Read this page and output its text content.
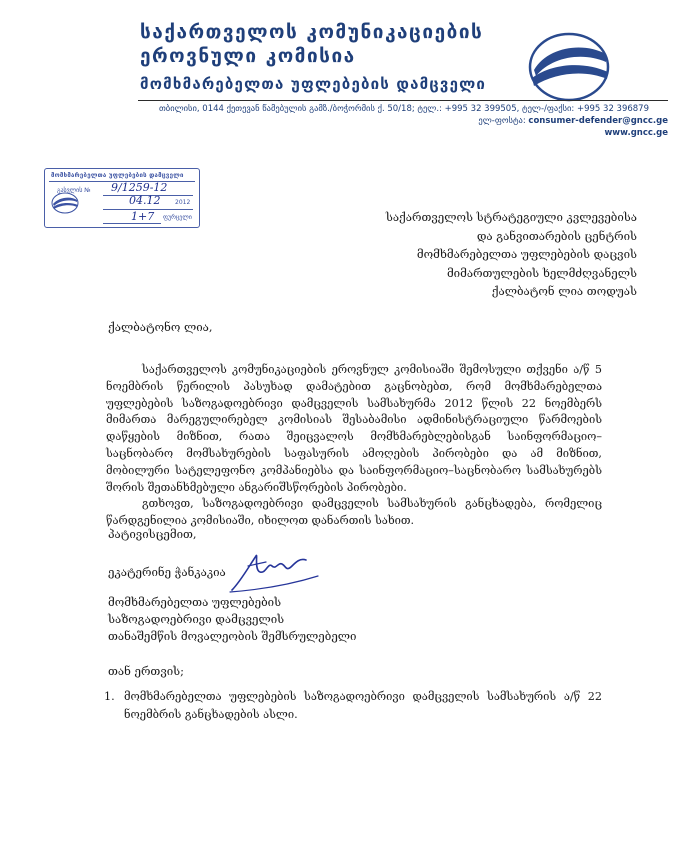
საქართველოს კომუნიკაციების
ეროვნული კომისია
მომხმარებელთა უფლებების დამცველი
თბილისი, 0144 ქეთევან წამებულის გამზ./ბოჭორმის ქ. 50/18; ტელ.: +995 32 399505, ტელ-/ფაქსი: +995 32 396879
ელ-ფოსტა: consumer-defender@gncc.ge
www.gncc.ge
მომხმარებელთა უფლებების დამცველი
გასვლის № 9/1259-12
04.12 2012
1+7 ფურცელი	საქართველოს სტრატეგიული კვლევებისა
და განვითარების ცენტრის
მომხმარებელთა უფლებების დაცვის
მიმართულების ხელმძღვანელს
ქალბატონ ლია თოდუას
ქალბატონო ლია,

საქართველოს კომუნიკაციების ეროვნულ კომისიაში შემოსული თქვენი ა/წ 5 ნოემბრის წერილის პასუხად დამატებით გაცნობებთ, რომ მომხმარებელთა უფლებების საზოგადოებრივი დამცველის სამსახურმა 2012 წლის 22 ნოემბერს მიმართა მარეგულირებელ კომისიას შესაბამისი ადმინისტრაციული წარმოების დაწყების მიზნით, რათა შეიცვალოს მომხმარებლებისგან საინფორმაციო–საცნობარო მომსახურების საფასურის ამოღების პირობები და ამ მიზნით, მობილური სატელეფონო კომპანიებსა და საინფორმაციო–საცნობარო სამსახურებს შორის შეთანხმებული ანგარიშსწორების პირობები.

გთხოვთ, საზოგადოებრივი დამცველის სამსახურის განცხადება, რომელიც წარდგენილია კომისიაში, იხილოთ დანართის სახით.

პატივისცემით,
ეკატერინე ჭანკაკია
მომხმარებელთა უფლებების
საზოგადოებრივი დამცველის
თანაშემწის მოვალეობის შემსრულებელი
თან ერთვის;
1. მომხმარებელთა უფლებების საზოგადოებრივი დამცველის სამსახურის ა/წ 22 ნოემბრის განცხადების ასლი.
